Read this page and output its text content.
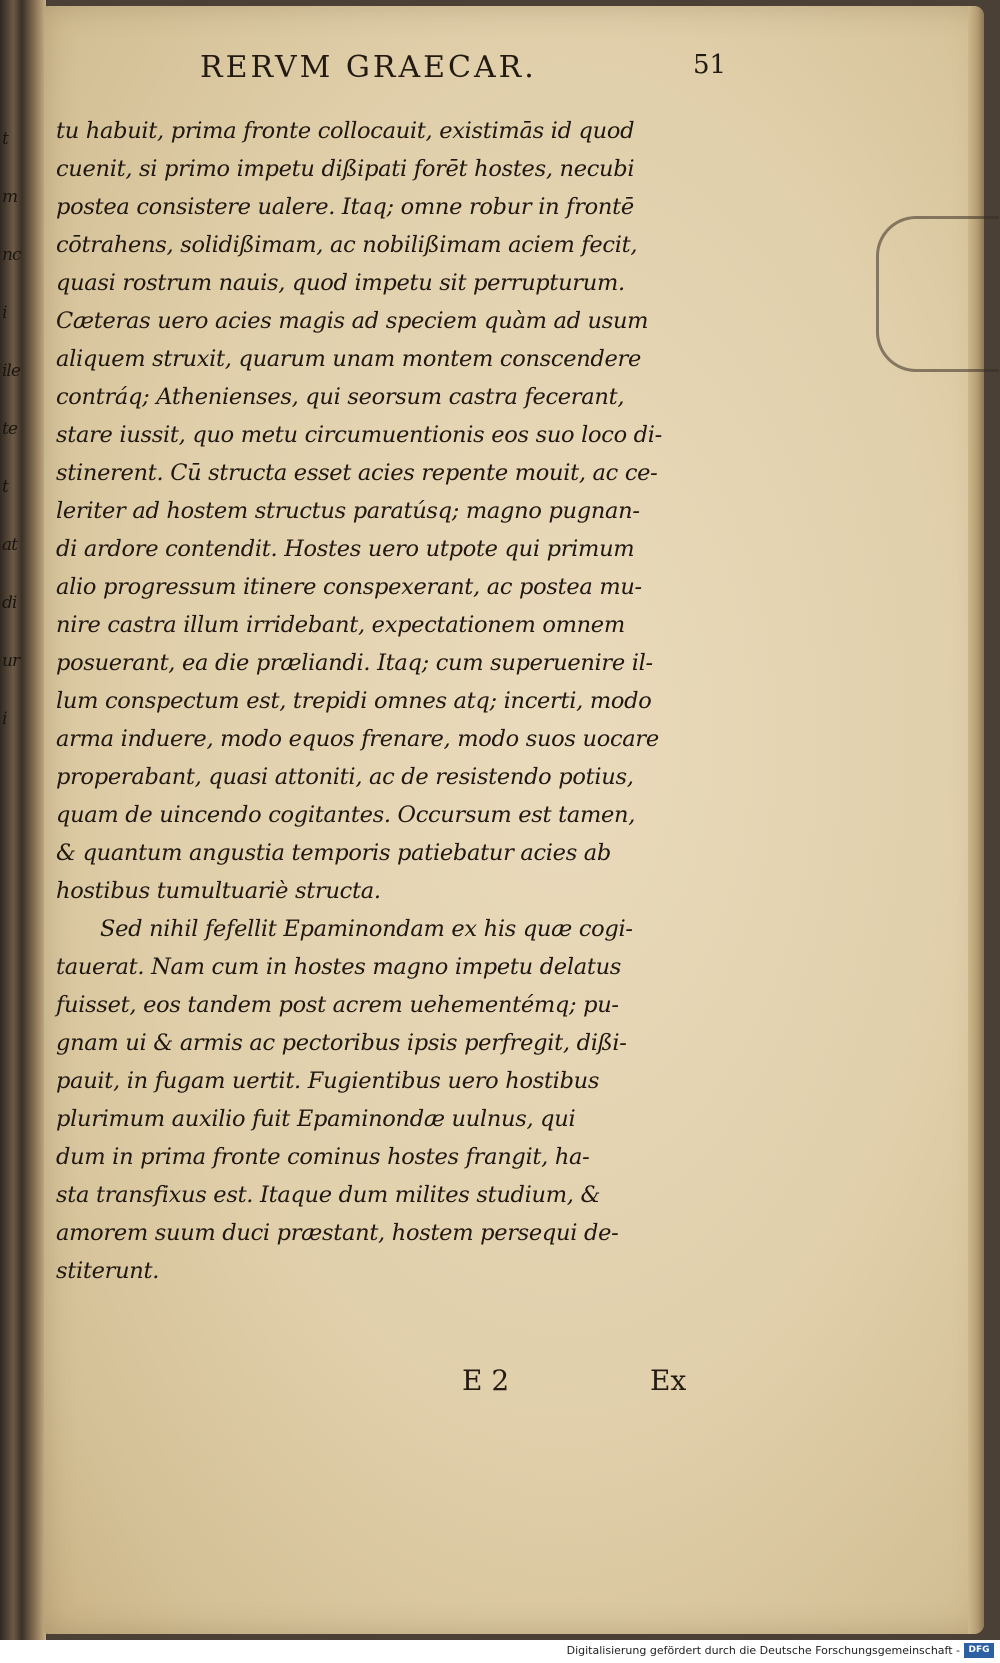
t
m
nc
i
ile
te
t
at
di
ur
i
RERVM GRAECAR.	51
tu habuit, prima fronte collocauit, existimās id quod
cuenit, si primo impetu dißipati forēt hostes, necubi
postea consistere ualere. Itaq; omne robur in frontē
cōtrahens, solidißimam, ac nobilißimam aciem fecit,
quasi rostrum nauis, quod impetu sit perrupturum.
Cæteras uero acies magis ad speciem quàm ad usum
aliquem struxit, quarum unam montem conscendere
contráq; Athenienses, qui seorsum castra fecerant,
stare iussit, quo metu circumuentionis eos suo loco di-
stinerent. Cū structa esset acies repente mouit, ac ce-
leriter ad hostem structus paratúsq; magno pugnan-
di ardore contendit. Hostes uero utpote qui primum
alio progressum itinere conspexerant, ac postea mu-
nire castra illum irridebant, expectationem omnem
posuerant, ea die præliandi. Itaq; cum superuenire il-
lum conspectum est, trepidi omnes atq; incerti, modo
arma induere, modo equos frenare, modo suos uocare
properabant, quasi attoniti, ac de resistendo potius,
quam de uincendo cogitantes. Occursum est tamen,
& quantum angustia temporis patiebatur acies ab
hostibus tumultuariè structa.
Sed nihil fefellit Epaminondam ex his quæ cogi-
tauerat. Nam cum in hostes magno impetu delatus
fuisset, eos tandem post acrem uehementémq; pu-
gnam ui & armis ac pectoribus ipsis perfregit, dißi-
pauit, in fugam uertit. Fugientibus uero hostibus
plurimum auxilio fuit Epaminondæ uulnus, qui
dum in prima fronte cominus hostes frangit, ha-
sta transfixus est. Itaque dum milites studium, &
amorem suum duci præstant, hostem persequi de-
stiterunt.
E 2	Ex
Digitalisierung gefördert durch die Deutsche Forschungsgemeinschaft - DFG
